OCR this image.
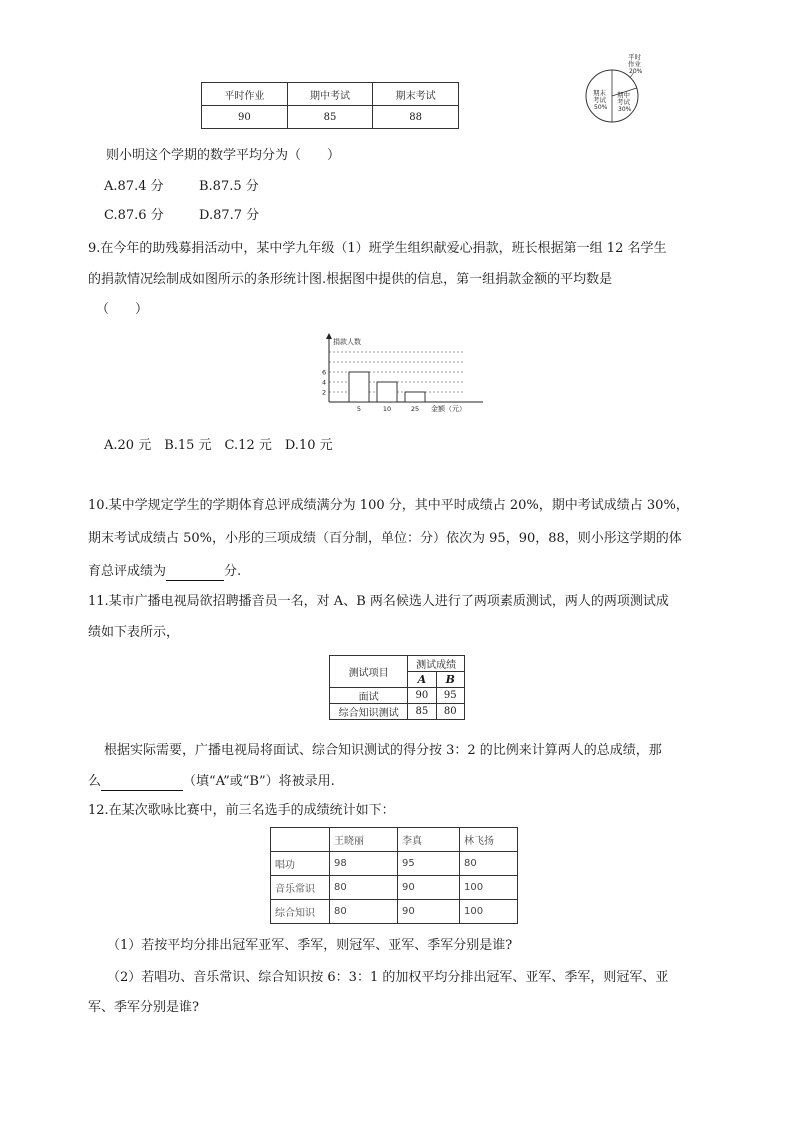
平时作业	期中考试	期末考试
90	85	88
平时
作业
20%
期中
考试
30%
期末
考试
50%
则小明这个学期的数学平均分为（　　）
A.87.4 分	B.87.5 分
C.87.6 分	D.87.7 分
9.在今年的助残募捐活动中，某中学九年级（1）班学生组织献爱心捐款，班长根据第一组 12 名学生
的捐款情况绘制成如图所示的条形统计图.根据图中提供的信息，第一组捐款金额的平均数是
（　　）
捐款人数
2
4
6
5	10	25 金额（元）
A.20 元　B.15 元　C.12 元　D.10 元
10.某中学规定学生的学期体育总评成绩满分为 100 分，其中平时成绩占 20%，期中考试成绩占 30%，
期末考试成绩占 50%，小彤的三项成绩（百分制，单位：分）依次为 95，90，88，则小彤这学期的体
育总评成绩为	分.
11.某市广播电视局欲招聘播音员一名，对 A、B 两名候选人进行了两项素质测试，两人的两项测试成
绩如下表所示，
测试项目	测试成绩	
	A	B
面试	90	95
综合知识测试	85	80
根据实际需要，广播电视局将面试、综合知识测试的得分按 3：2 的比例来计算两人的总成绩，那
么	（填“A”或“B”）将被录用.
12.在某次歌咏比赛中，前三名选手的成绩统计如下：
	王晓丽	李真	林飞扬
唱功	98	95	80
音乐常识	80	90	100
综合知识	80	90	100
（1）若按平均分排出冠军亚军、季军，则冠军、亚军、季军分别是谁?
（2）若唱功、音乐常识、综合知识按 6：3：1 的加权平均分排出冠军、亚军、季军，则冠军、亚
军、季军分别是谁?
